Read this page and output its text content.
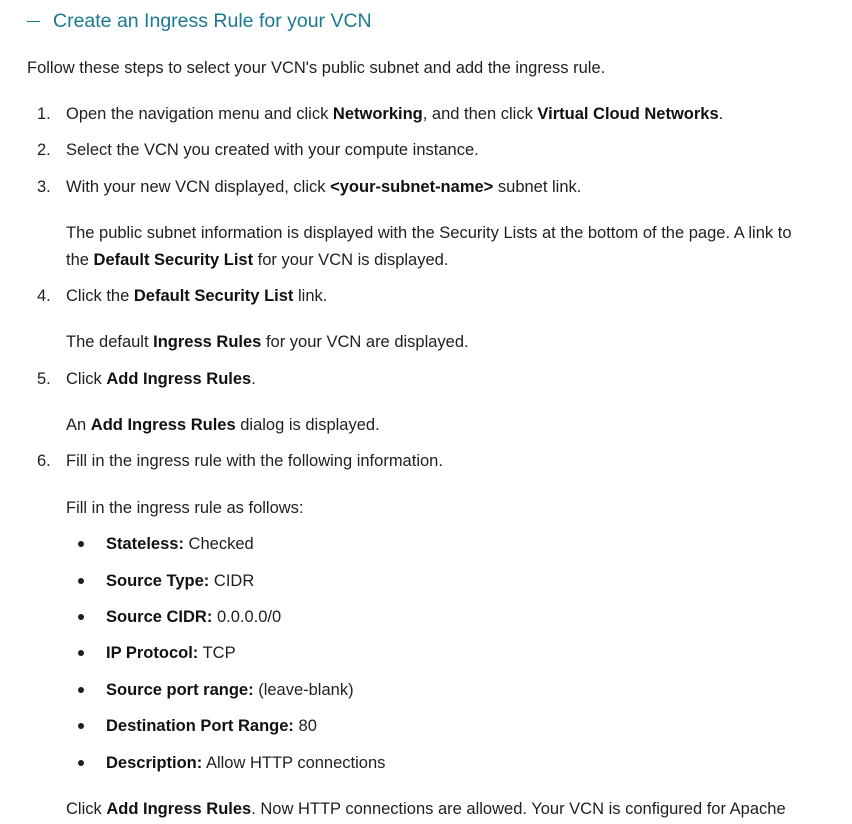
Create an Ingress Rule for your VCN
Follow these steps to select your VCN's public subnet and add the ingress rule.
1. Open the navigation menu and click Networking, and then click Virtual Cloud Networks.
2. Select the VCN you created with your compute instance.
3. With your new VCN displayed, click <your-subnet-name> subnet link.
The public subnet information is displayed with the Security Lists at the bottom of the page. A link to
the Default Security List for your VCN is displayed.
4. Click the Default Security List link.
The default Ingress Rules for your VCN are displayed.
5. Click Add Ingress Rules.
An Add Ingress Rules dialog is displayed.
6. Fill in the ingress rule with the following information.
Fill in the ingress rule as follows:
Stateless: Checked
Source Type: CIDR
Source CIDR: 0.0.0.0/0
IP Protocol: TCP
Source port range: (leave-blank)
Destination Port Range: 80
Description: Allow HTTP connections
Click Add Ingress Rules. Now HTTP connections are allowed. Your VCN is configured for Apache
